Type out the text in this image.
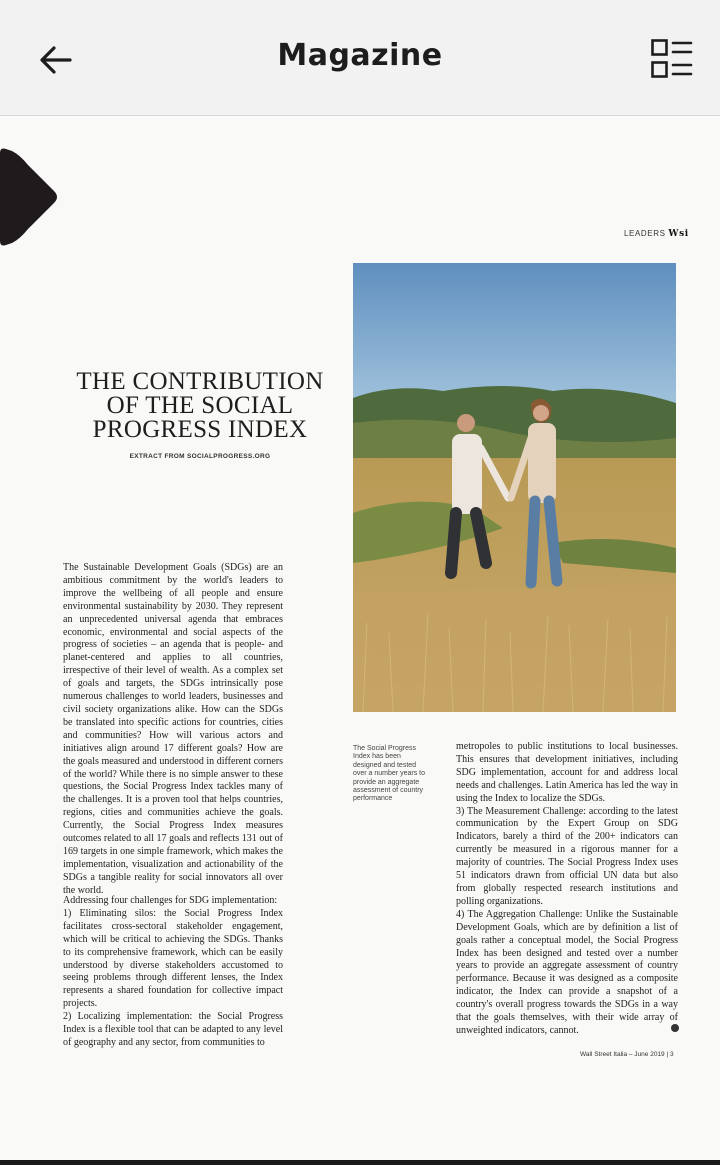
Magazine
LEADERS Wsi
THE CONTRIBUTION OF THE SOCIAL PROGRESS INDEX
EXTRACT FROM SOCIALPROGRESS.ORG

The Sustainable Development Goals (SDGs) are an ambitious commitment by the world's leaders to improve the wellbeing of all people and ensure environmental sustainability by 2030. They represent an unprecedented universal agenda that embraces economic, environmental and social aspects of the progress of societies – an agenda that is people- and planet-centered and applies to all countries, irrespective of their level of wealth. As a complex set of goals and targets, the SDGs intrinsically pose numerous challenges to world leaders, businesses and civil society organizations alike. How can the SDGs be translated into specific actions for countries, cities and communities? How will various actors and initiatives align around 17 different goals? How are the goals measured and understood in different corners of the world? While there is no simple answer to these questions, the Social Progress Index tackles many of the challenges. It is a proven tool that helps countries, regions, cities and communities achieve the goals. Currently, the Social Progress Index measures outcomes related to all 17 goals and reflects 131 out of 169 targets in one simple framework, which makes the implementation, visualization and actionability of the SDGs a tangible reality for social innovators all over the world.

Addressing four challenges for SDG implementation:

1) Eliminating silos: the Social Progress Index facilitates cross-sectoral stakeholder engagement, which will be critical to achieving the SDGs. Thanks to its comprehensive framework, which can be easily understood by diverse stakeholders accustomed to seeing problems through different lenses, the Index represents a shared foundation for collective impact projects.

2) Localizing implementation: the Social Progress Index is a flexible tool that can be adapted to any level of geography and any sector, from communities to

The Social Progress Index has been designed and tested over a number years to provide an aggregate assessment of country performance

metropoles to public institutions to local businesses. This ensures that development initiatives, including SDG implementation, account for and address local needs and challenges. Latin America has led the way in using the Index to localize the SDGs.

3) The Measurement Challenge: according to the latest communication by the Expert Group on SDG Indicators, barely a third of the 200+ indicators can currently be measured in a rigorous manner for a majority of countries. The Social Progress Index uses 51 indicators drawn from official UN data but also from globally respected research institutions and polling organizations.

4) The Aggregation Challenge: Unlike the Sustainable Development Goals, which are by definition a list of goals rather a conceptual model, the Social Progress Index has been designed and tested over a number years to provide an aggregate assessment of country performance. Because it was designed as a composite indicator, the Index can provide a snapshot of a country's overall progress towards the SDGs in a way that the goals themselves, with their wide array of unweighted indicators, cannot.

Wall Street Italia – June 2019 | 3
